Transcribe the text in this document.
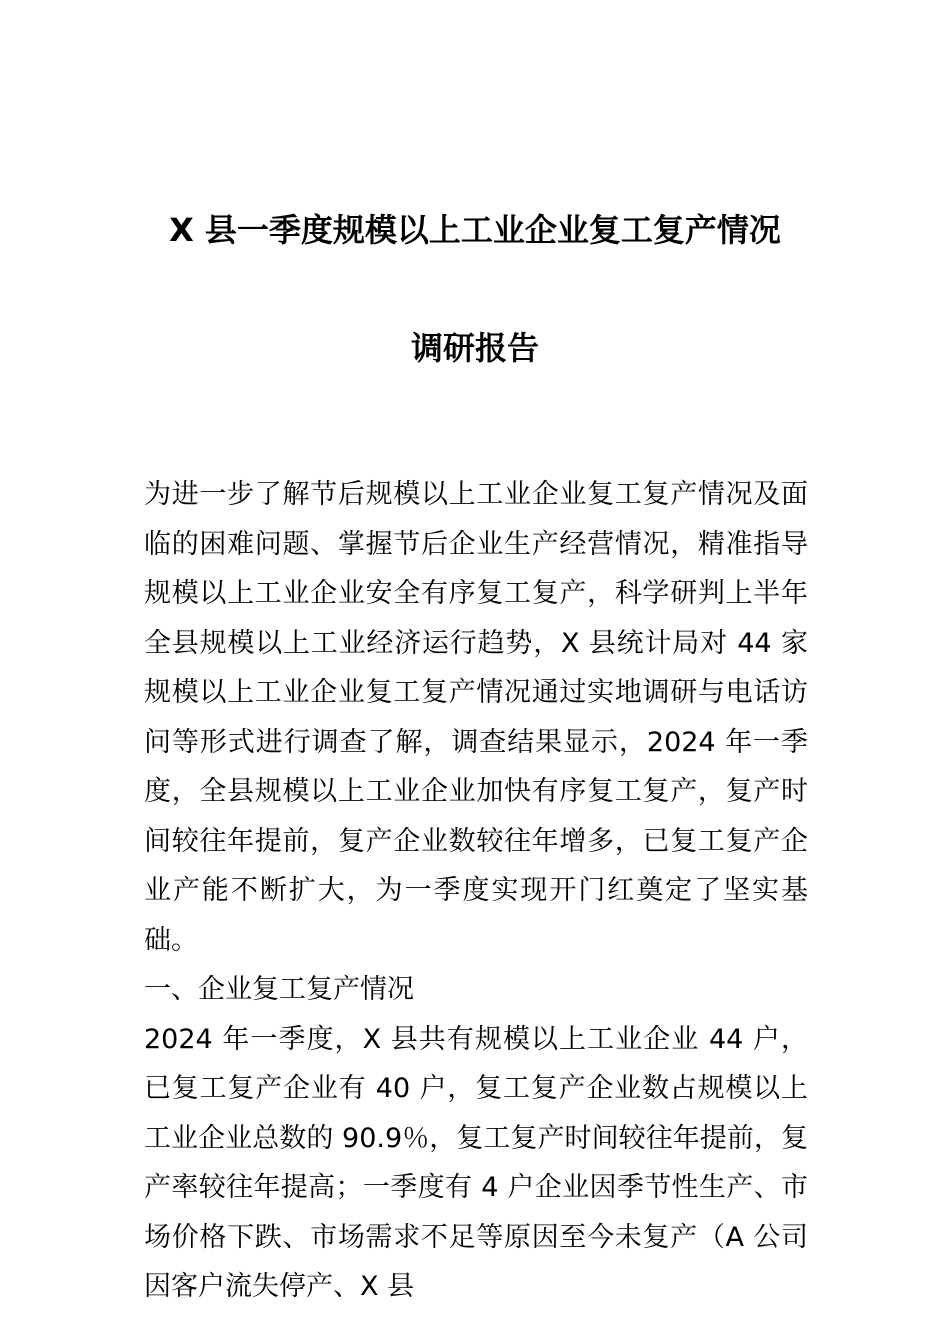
X 县一季度规模以上工业企业复工复产情况
调研报告

为进一步了解节后规模以上工业企业复工复产情况及面临的困难问题、掌握节后企业生产经营情况，精准指导规模以上工业企业安全有序复工复产，科学研判上半年全县规模以上工业经济运行趋势，X 县统计局对 44 家规模以上工业企业复工复产情况通过实地调研与电话访问等形式进行调查了解，调查结果显示，2024 年一季度，全县规模以上工业企业加快有序复工复产，复产时间较往年提前，复产企业数较往年增多，已复工复产企业产能不断扩大，为一季度实现开门红奠定了坚实基础。

一、企业复工复产情况

2024 年一季度，X 县共有规模以上工业企业 44 户，已复工复产企业有 40 户，复工复产企业数占规模以上工业企业总数的 90.9％，复工复产时间较往年提前，复产率较往年提高；一季度有 4 户企业因季节性生产、市场价格下跌、市场需求不足等原因至今未复产（A 公司因客户流失停产、X 县
